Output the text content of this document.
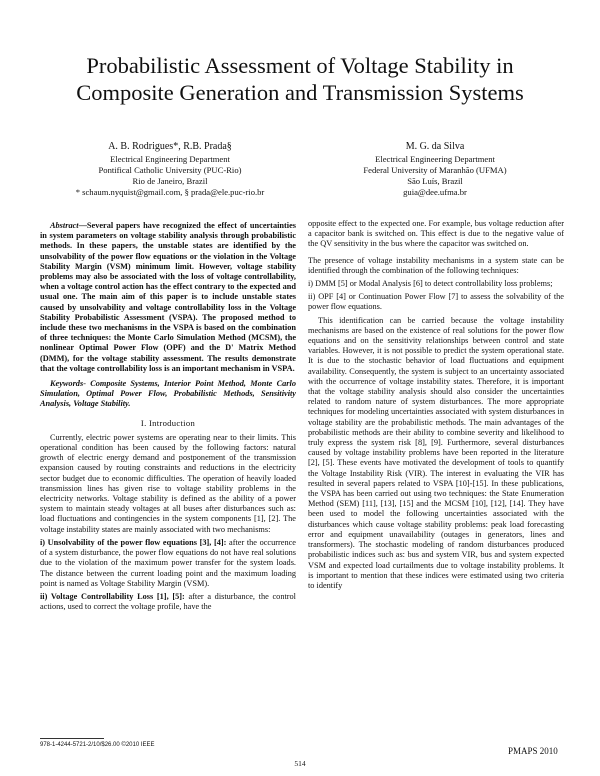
Probabilistic Assessment of Voltage Stability in
Composite Generation and Transmission Systems
A. B. Rodrigues*, R.B. Prada§
Electrical Engineering Department
Pontifical Catholic University (PUC-Rio)
Rio de Janeiro, Brazil
* schaum.nyquist@gmail.com, § prada@ele.puc-rio.br
M. G. da Silva
Electrical Engineering Department
Federal University of Maranhão (UFMA)
São Luís, Brazil
guia@dee.ufma.br

Abstract—Several papers have recognized the effect of uncertainties in system parameters on voltage stability analysis through probabilistic methods. In these papers, the unstable states are identified by the unsolvability of the power flow equations or the violation in the Voltage Stability Margin (VSM) minimum limit. However, voltage stability problems may also be associated with the loss of voltage controllability, when a voltage control action has the effect contrary to the expected and usual one. The main aim of this paper is to include unstable states caused by unsolvability and voltage controllability loss in the Voltage Stability Probabilistic Assessment (VSPA). The proposed method to include these two mechanisms in the VSPA is based on the combination of three techniques: the Monte Carlo Simulation Method (MCSM), the nonlinear Optimal Power Flow (OPF) and the D' Matrix Method (DMM), for the voltage stability assessment. The results demonstrate that the voltage controllability loss is an important mechanism in VSPA.

Keywords- Composite Systems, Interior Point Method, Monte Carlo Simulation, Optimal Power Flow, Probabilistic Methods, Sensitivity Analysis, Voltage Stability.

I. Introduction

Currently, electric power systems are operating near to their limits. This operational condition has been caused by the following factors: natural growth of electric energy demand and postponement of the transmission expansion caused by routing constraints and reductions in the electricity sector budget due to economic difficulties. The operation of heavily loaded transmission lines has given rise to voltage stability problems in the electricity networks. Voltage stability is defined as the ability of a power system to maintain steady voltages at all buses after disturbances such as: load fluctuations and contingencies in the system components [1], [2]. The voltage instability states are mainly associated with two mechanisms:

i) Unsolvability of the power flow equations [3], [4]: after the occurrence of a system disturbance, the power flow equations do not have real solutions due to the violation of the maximum power transfer for the system loads. The distance between the current loading point and the maximum loading point is named as Voltage Stability Margin (VSM).

ii) Voltage Controllability Loss [1], [5]: after a disturbance, the control actions, used to correct the voltage profile, have the

opposite effect to the expected one. For example, bus voltage reduction after a capacitor bank is switched on. This effect is due to the negative value of the QV sensitivity in the bus where the capacitor was switched on.

The presence of voltage instability mechanisms in a system state can be identified through the combination of the following techniques:

i) DMM [5] or Modal Analysis [6] to detect controllability loss problems;

ii) OPF [4] or Continuation Power Flow [7] to assess the solvability of the power flow equations.

This identification can be carried because the voltage instability mechanisms are based on the existence of real solutions for the power flow equations and on the sensitivity relationships between control and state variables. However, it is not possible to predict the system operational state. It is due to the stochastic behavior of load fluctuations and equipment availability. Consequently, the system is subject to an uncertainty associated with the occurrence of voltage instability states. Therefore, it is important that the voltage stability analysis should also consider the uncertainties related to random nature of system disturbances. The more appropriate techniques for modeling uncertainties associated with system disturbances in voltage stability are the probabilistic methods. The main advantages of the probabilistic methods are their ability to combine severity and likelihood to truly express the system risk [8], [9]. Furthermore, several disturbances caused by voltage instability problems have been reported in the literature [2], [5]. These events have motivated the development of tools to quantify the Voltage Instability Risk (VIR). The interest in evaluating the VIR has resulted in several papers related to VSPA [10]-[15]. In these publications, the VSPA has been carried out using two techniques: the State Enumeration Method (SEM) [11], [13], [15] and the MCSM [10], [12], [14]. They have been used to model the following uncertainties associated with the disturbances which cause voltage stability problems: peak load forecasting error and equipment unavailability (outages in generators, lines and transformers). The stochastic modeling of random disturbances produced probabilistic indices such as: bus and system VIR, bus and system expected VSM and expected load curtailments due to voltage instability problems. It is important to mention that these indices were estimated using two criteria to identify

978-1-4244-5721-2/10/$26.00 ©2010 IEEE
PMAPS 2010
514
